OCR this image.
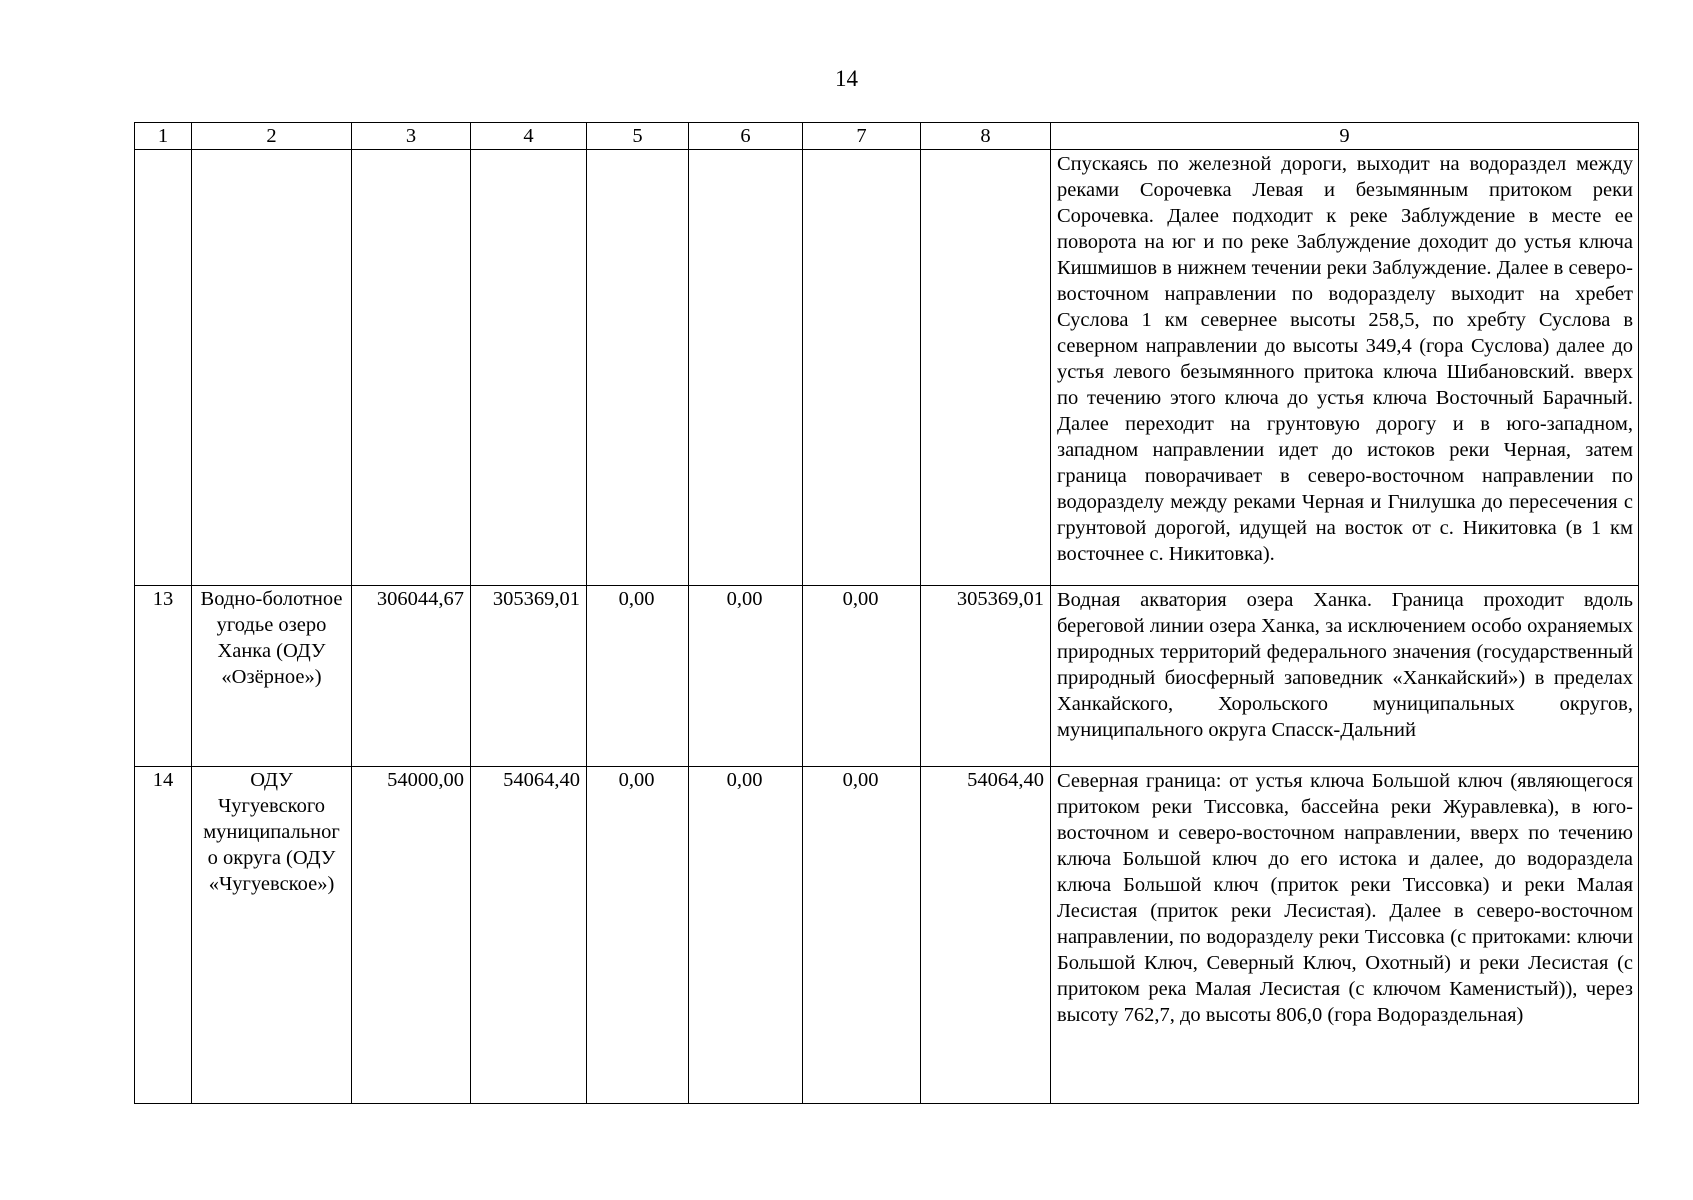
14
1	2	3	4	5	6	7	8	9
								Спускаясь по железной дороги, выходит на водораздел между реками Сорочевка Левая и безымянным притоком реки Сорочевка. Далее подходит к реке Заблуждение в месте ее поворота на юг и по реке Заблуждение доходит до устья ключа Кишмишов в нижнем течении реки Заблуждение. Далее в северо-восточном направлении по водоразделу выходит на хребет Суслова 1 км севернее высоты 258,5, по хребту Суслова в северном направлении до высоты 349,4 (гора Суслова) далее до устья левого безымянного притока ключа Шибановский. вверх по течению этого ключа до устья ключа Восточный Барачный. Далее переходит на грунтовую дорогу и в юго-западном, западном направлении идет до истоков реки Черная, затем граница поворачивает в северо-восточном направлении по водоразделу между реками Черная и Гнилушка до пересечения с грунтовой дорогой, идущей на восток от с. Никитовка (в 1 км восточнее с. Никитовка).
13	Водно-болотное угодье озеро Ханка (ОДУ «Озёрное»)	306044,67	305369,01	0,00	0,00	0,00	305369,01	Водная акватория озера Ханка. Граница проходит вдоль береговой линии озера Ханка, за исключением особо охраняемых природных территорий федерального значения (государственный природный биосферный заповедник «Ханкайский») в пределах Ханкайского, Хорольского муниципальных округов, муниципального округа Спасск-Дальний
14	ОДУ Чугуевского муниципальног о округа (ОДУ «Чугуевское»)	54000,00	54064,40	0,00	0,00	0,00	54064,40	Северная граница: от устья ключа Большой ключ (являющегося притоком реки Тиссовка, бассейна реки Журавлевка), в юго-восточном и северо-восточном направлении, вверх по течению ключа Большой ключ до его истока и далее, до водораздела ключа Большой ключ (приток реки Тиссовка) и реки Малая Лесистая (приток реки Лесистая). Далее в северо-восточном направлении, по водоразделу реки Тиссовка (с притоками: ключи Большой Ключ, Северный Ключ, Охотный) и реки Лесистая (с притоком река Малая Лесистая (с ключом Каменистый)), через высоту 762,7, до высоты 806,0 (гора Водораздельная)
